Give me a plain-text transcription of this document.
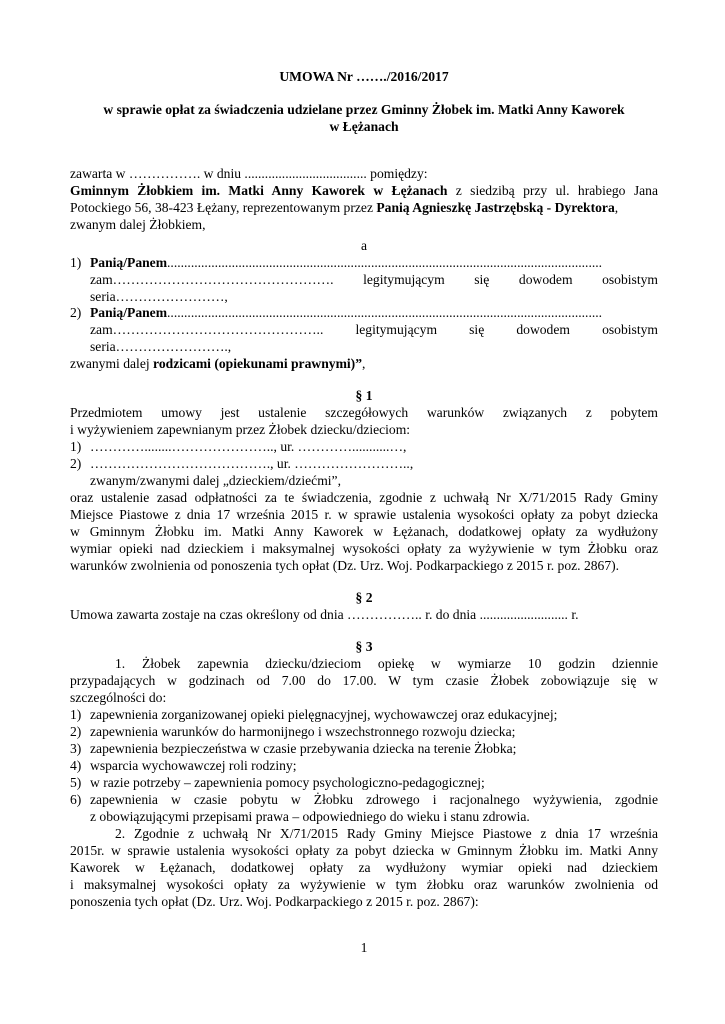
UMOWA Nr ……./2016/2017
w sprawie opłat za świadczenia udzielane przez Gminny Żłobek im. Matki Anny Kaworek
w Łężanach
zawarta w ……………. w dniu .................................... pomiędzy:
Gminnym Żłobkiem im. Matki Anny Kaworek w Łężanach z siedzibą przy ul. hrabiego Jana
Potockiego 56, 38-423 Łężany, reprezentowanym przez Panią Agnieszkę Jastrzębską - Dyrektora,
zwanym dalej Żłobkiem,
a
1) Panią/Panem................................................................................................................................
zam…………………………………………. legitymującym się dowodem osobistym
seria……………………,
2) Panią/Panem................................................................................................................................
zam……………………………………….. legitymującym się dowodem osobistym
seria…………………….,
zwanymi dalej rodzicami (opiekunami prawnymi)”,
§ 1
Przedmiotem umowy jest ustalenie szczegółowych warunków związanych z pobytem
i wyżywieniem zapewnianym przez Żłobek dziecku/dzieciom:
1) …………........………………….., ur. …………...........…,
2) …………………………………., ur. ……………………..,
zwanym/zwanymi dalej „dzieckiem/dziećmi”,
oraz ustalenie zasad odpłatności za te świadczenia, zgodnie z uchwałą Nr X/71/2015 Rady Gminy
Miejsce Piastowe z dnia 17 września 2015 r. w sprawie ustalenia wysokości opłaty za pobyt dziecka
w Gminnym Żłobku im. Matki Anny Kaworek w Łężanach, dodatkowej opłaty za wydłużony
wymiar opieki nad dzieckiem i maksymalnej wysokości opłaty za wyżywienie w tym Żłobku oraz
warunków zwolnienia od ponoszenia tych opłat (Dz. Urz. Woj. Podkarpackiego z 2015 r. poz. 2867).
§ 2
Umowa zawarta zostaje na czas określony od dnia …………….. r. do dnia .......................... r.
§ 3
1. Żłobek zapewnia dziecku/dzieciom opiekę w wymiarze 10 godzin dziennie
przypadających w godzinach od 7.00 do 17.00. W tym czasie Żłobek zobowiązuje się w
szczególności do:
1) zapewnienia zorganizowanej opieki pielęgnacyjnej, wychowawczej oraz edukacyjnej;
2) zapewnienia warunków do harmonijnego i wszechstronnego rozwoju dziecka;
3) zapewnienia bezpieczeństwa w czasie przebywania dziecka na terenie Żłobka;
4) wsparcia wychowawczej roli rodziny;
5) w razie potrzeby – zapewnienia pomocy psychologiczno-pedagogicznej;
6) zapewnienia w czasie pobytu w Żłobku zdrowego i racjonalnego wyżywienia, zgodnie
z obowiązującymi przepisami prawa – odpowiedniego do wieku i stanu zdrowia.
2. Zgodnie z uchwałą Nr X/71/2015 Rady Gminy Miejsce Piastowe z dnia 17 września
2015r. w sprawie ustalenia wysokości opłaty za pobyt dziecka w Gminnym Żłobku im. Matki Anny
Kaworek w Łężanach, dodatkowej opłaty za wydłużony wymiar opieki nad dzieckiem
i maksymalnej wysokości opłaty za wyżywienie w tym żłobku oraz warunków zwolnienia od
ponoszenia tych opłat (Dz. Urz. Woj. Podkarpackiego z 2015 r. poz. 2867):
1
